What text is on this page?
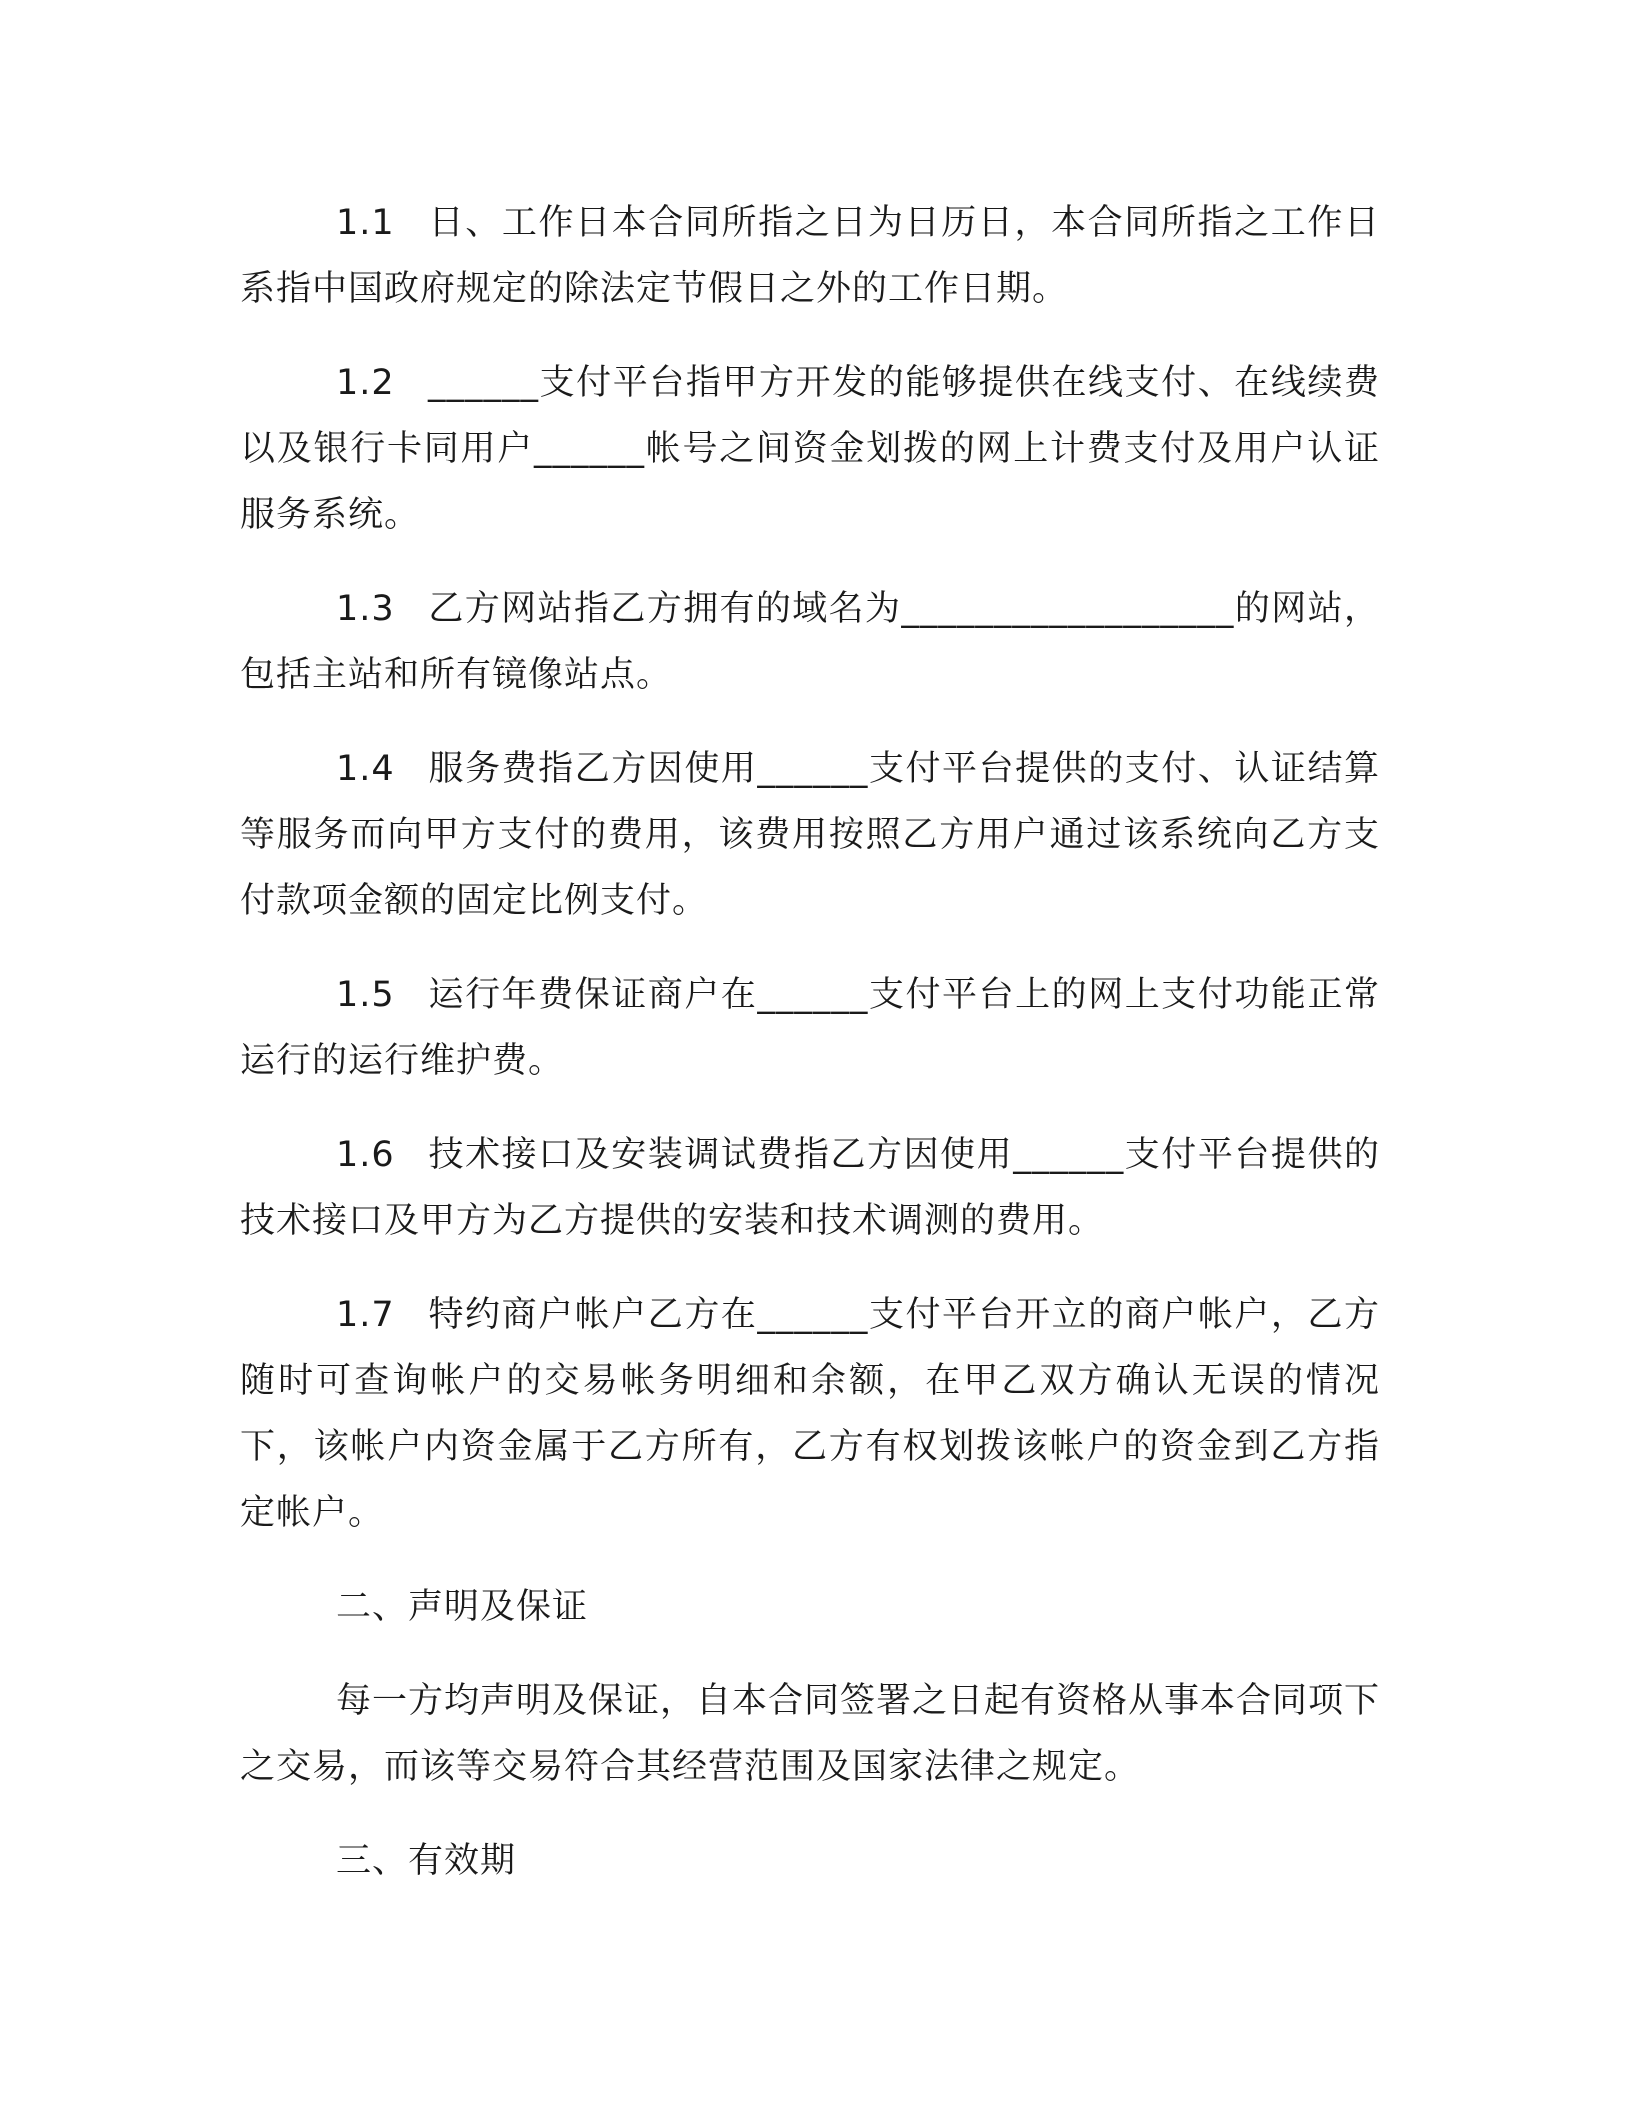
1.1 日、工作日本合同所指之日为日历日，本合同所指之工作日系指中国政府规定的除法定节假日之外的工作日期。

1.2 ______支付平台指甲方开发的能够提供在线支付、在线续费以及银行卡同用户______帐号之间资金划拨的网上计费支付及用户认证服务系统。

1.3 乙方网站指乙方拥有的域名为__________________的网站，包括主站和所有镜像站点。

1.4 服务费指乙方因使用______支付平台提供的支付、认证结算等服务而向甲方支付的费用，该费用按照乙方用户通过该系统向乙方支付款项金额的固定比例支付。

1.5 运行年费保证商户在______支付平台上的网上支付功能正常运行的运行维护费。

1.6 技术接口及安装调试费指乙方因使用______支付平台提供的技术接口及甲方为乙方提供的安装和技术调测的费用。

1.7 特约商户帐户乙方在______支付平台开立的商户帐户，乙方随时可查询帐户的交易帐务明细和余额，在甲乙双方确认无误的情况下，该帐户内资金属于乙方所有，乙方有权划拨该帐户的资金到乙方指定帐户。

二、声明及保证

每一方均声明及保证，自本合同签署之日起有资格从事本合同项下之交易，而该等交易符合其经营范围及国家法律之规定。

三、有效期
